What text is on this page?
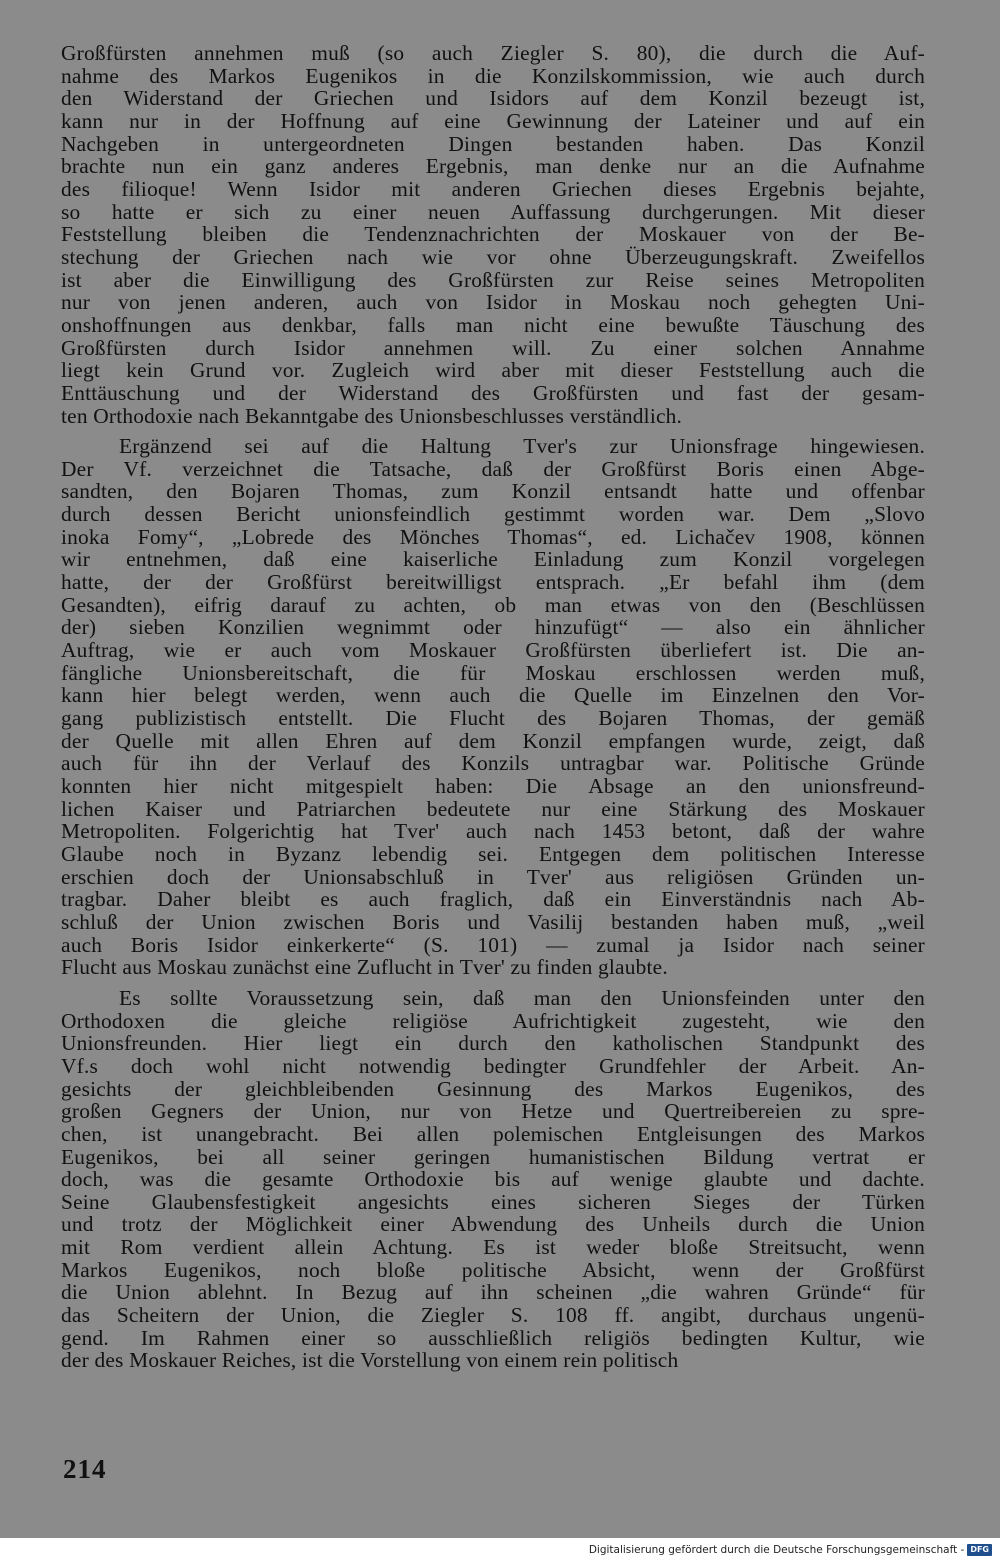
Großfürsten annehmen muß (so auch Ziegler S. 80), die durch die Auf-
nahme des Markos Eugenikos in die Konzilskommission, wie auch durch
den Widerstand der Griechen und Isidors auf dem Konzil bezeugt ist,
kann nur in der Hoffnung auf eine Gewinnung der Lateiner und auf ein
Nachgeben in untergeordneten Dingen bestanden haben. Das Konzil
brachte nun ein ganz anderes Ergebnis, man denke nur an die Aufnahme
des filioque! Wenn Isidor mit anderen Griechen dieses Ergebnis bejahte,
so hatte er sich zu einer neuen Auffassung durchgerungen. Mit dieser
Feststellung bleiben die Tendenznachrichten der Moskauer von der Be-
stechung der Griechen nach wie vor ohne Überzeugungskraft. Zweifellos
ist aber die Einwilligung des Großfürsten zur Reise seines Metropoliten
nur von jenen anderen, auch von Isidor in Moskau noch gehegten Uni-
onshoffnungen aus denkbar, falls man nicht eine bewußte Täuschung des
Großfürsten durch Isidor annehmen will. Zu einer solchen Annahme
liegt kein Grund vor. Zugleich wird aber mit dieser Feststellung auch die
Enttäuschung und der Widerstand des Großfürsten und fast der gesam-
ten Orthodoxie nach Bekanntgabe des Unionsbeschlusses verständlich.
Ergänzend sei auf die Haltung Tver's zur Unionsfrage hingewiesen.
Der Vf. verzeichnet die Tatsache, daß der Großfürst Boris einen Abge-
sandten, den Bojaren Thomas, zum Konzil entsandt hatte und offenbar
durch dessen Bericht unionsfeindlich gestimmt worden war. Dem „Slovo
inoka Fomy“, „Lobrede des Mönches Thomas“, ed. Lichačev 1908, können
wir entnehmen, daß eine kaiserliche Einladung zum Konzil vorgelegen
hatte, der der Großfürst bereitwilligst entsprach. „Er befahl ihm (dem
Gesandten), eifrig darauf zu achten, ob man etwas von den (Beschlüssen
der) sieben Konzilien wegnimmt oder hinzufügt“ — also ein ähnlicher
Auftrag, wie er auch vom Moskauer Großfürsten überliefert ist. Die an-
fängliche Unionsbereitschaft, die für Moskau erschlossen werden muß,
kann hier belegt werden, wenn auch die Quelle im Einzelnen den Vor-
gang publizistisch entstellt. Die Flucht des Bojaren Thomas, der gemäß
der Quelle mit allen Ehren auf dem Konzil empfangen wurde, zeigt, daß
auch für ihn der Verlauf des Konzils untragbar war. Politische Gründe
konnten hier nicht mitgespielt haben: Die Absage an den unionsfreund-
lichen Kaiser und Patriarchen bedeutete nur eine Stärkung des Moskauer
Metropoliten. Folgerichtig hat Tver' auch nach 1453 betont, daß der wahre
Glaube noch in Byzanz lebendig sei. Entgegen dem politischen Interesse
erschien doch der Unionsabschluß in Tver' aus religiösen Gründen un-
tragbar. Daher bleibt es auch fraglich, daß ein Einverständnis nach Ab-
schluß der Union zwischen Boris und Vasilij bestanden haben muß, „weil
auch Boris Isidor einkerkerte“ (S. 101) — zumal ja Isidor nach seiner
Flucht aus Moskau zunächst eine Zuflucht in Tver' zu finden glaubte.
Es sollte Voraussetzung sein, daß man den Unionsfeinden unter den
Orthodoxen die gleiche religiöse Aufrichtigkeit zugesteht, wie den
Unionsfreunden. Hier liegt ein durch den katholischen Standpunkt des
Vf.s doch wohl nicht notwendig bedingter Grundfehler der Arbeit. An-
gesichts der gleichbleibenden Gesinnung des Markos Eugenikos, des
großen Gegners der Union, nur von Hetze und Quertreibereien zu spre-
chen, ist unangebracht. Bei allen polemischen Entgleisungen des Markos
Eugenikos, bei all seiner geringen humanistischen Bildung vertrat er
doch, was die gesamte Orthodoxie bis auf wenige glaubte und dachte.
Seine Glaubensfestigkeit angesichts eines sicheren Sieges der Türken
und trotz der Möglichkeit einer Abwendung des Unheils durch die Union
mit Rom verdient allein Achtung. Es ist weder bloße Streitsucht, wenn
Markos Eugenikos, noch bloße politische Absicht, wenn der Großfürst
die Union ablehnt. In Bezug auf ihn scheinen „die wahren Gründe“ für
das Scheitern der Union, die Ziegler S. 108 ff. angibt, durchaus ungenü-
gend. Im Rahmen einer so ausschließlich religiös bedingten Kultur, wie
der des Moskauer Reiches, ist die Vorstellung von einem rein politisch
214
Digitalisierung gefördert durch die Deutsche Forschungsgemeinschaft - DFG
